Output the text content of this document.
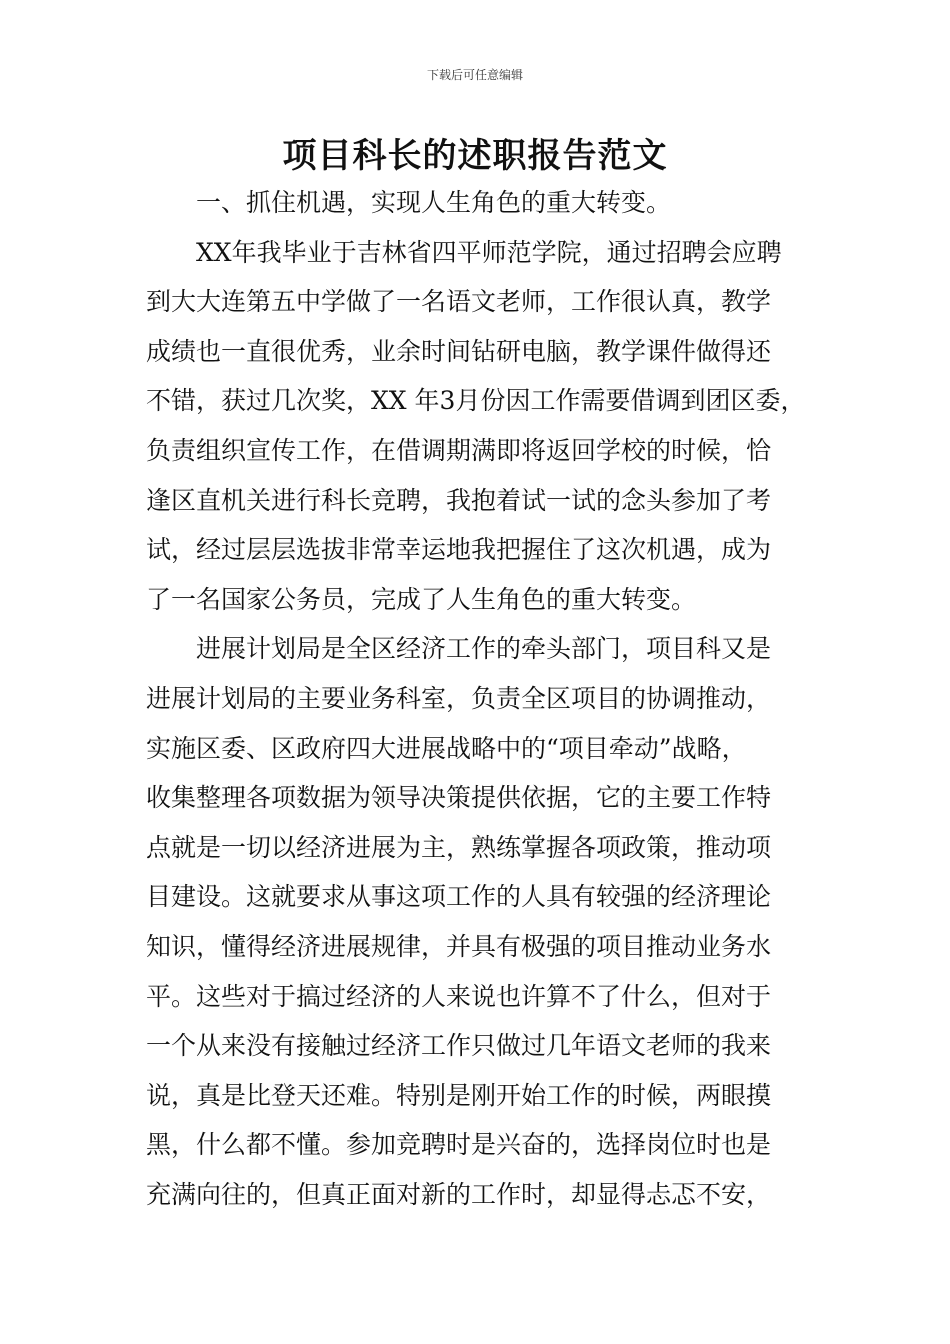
下载后可任意编辑
项目科长的述职报告范文
一、抓住机遇，实现人生角色的重大转变。
XX年我毕业于吉林省四平师范学院，通过招聘会应聘
到大大连第五中学做了一名语文老师，工作很认真，教学
成绩也一直很优秀，业余时间钻研电脑，教学课件做得还
不错，获过几次奖，XX 年3月份因工作需要借调到团区委，
负责组织宣传工作，在借调期满即将返回学校的时候，恰
逢区直机关进行科长竞聘，我抱着试一试的念头参加了考
试，经过层层选拔非常幸运地我把握住了这次机遇，成为
了一名国家公务员，完成了人生角色的重大转变。
进展计划局是全区经济工作的牵头部门，项目科又是
进展计划局的主要业务科室，负责全区项目的协调推动，
实施区委、区政府四大进展战略中的“项目牵动”战略，
收集整理各项数据为领导决策提供依据，它的主要工作特
点就是一切以经济进展为主，熟练掌握各项政策，推动项
目建设。这就要求从事这项工作的人具有较强的经济理论
知识，懂得经济进展规律，并具有极强的项目推动业务水
平。这些对于搞过经济的人来说也许算不了什么，但对于
一个从来没有接触过经济工作只做过几年语文老师的我来
说，真是比登天还难。特别是刚开始工作的时候，两眼摸
黑，什么都不懂。参加竞聘时是兴奋的，选择岗位时也是
充满向往的，但真正面对新的工作时，却显得忐忑不安，
